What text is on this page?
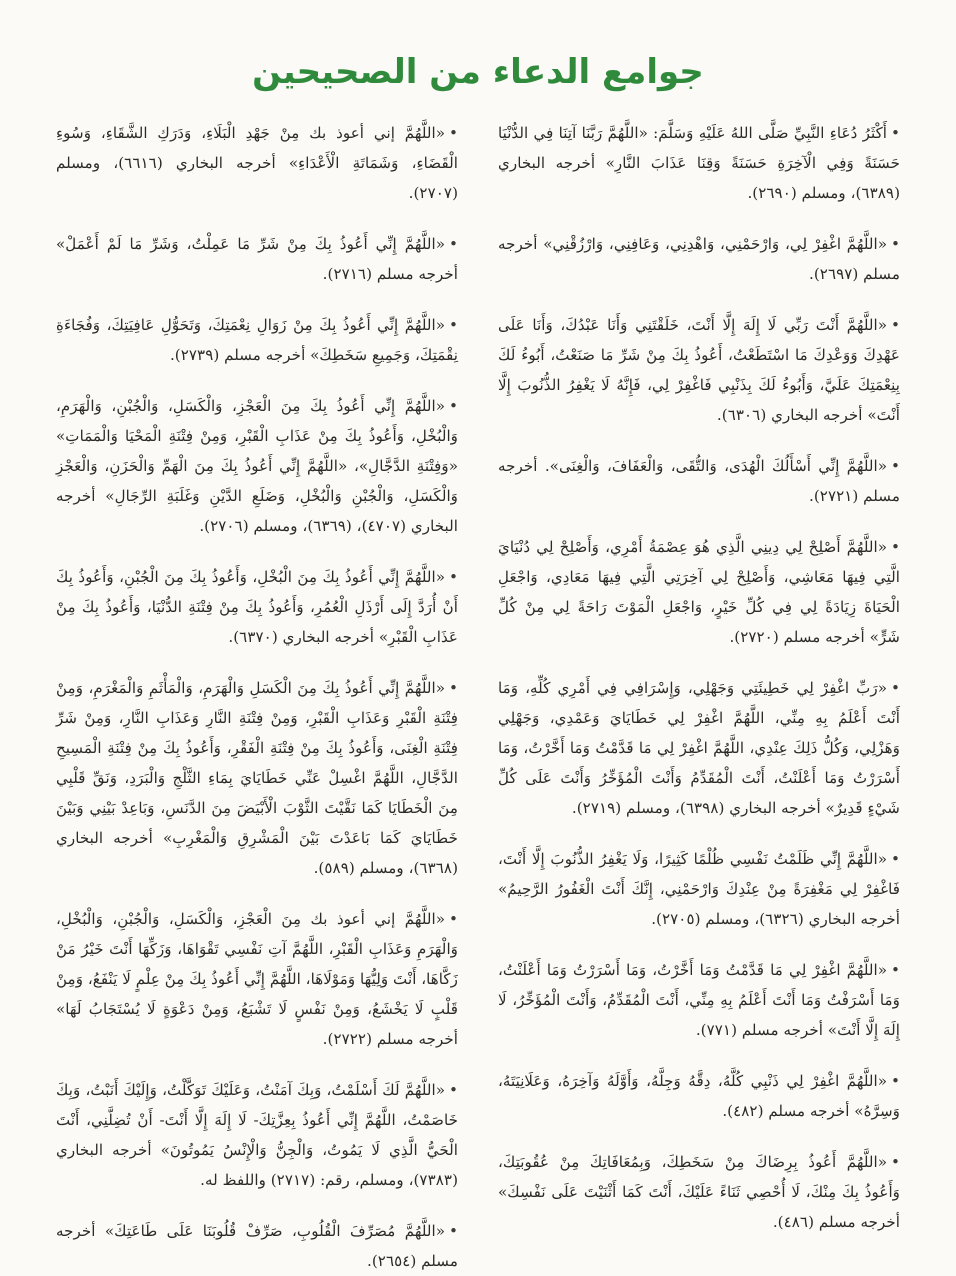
جوامع الدعاء من الصحيحين
•

أَكْثَرُ دُعَاءِ النَّبِيِّ صَلَّى اللهُ عَلَيْهِ وَسَلَّمَ: «اللَّهُمَّ رَبَّنَا آتِنَا فِي الدُّنْيَا حَسَنَةً وَفِي الْآخِرَةِ حَسَنَةً وَقِنَا عَذَابَ النَّارِ» أخرجه البخاري (٦٣٨٩)، ومسلم (٢٦٩٠).

•

«اللَّهُمَّ اغْفِرْ لِي، وَارْحَمْنِي، وَاهْدِنِي، وَعَافِنِي، وَارْزُقْنِي» أخرجه مسلم (٢٦٩٧).

•

«اللَّهُمَّ أَنْتَ رَبِّي لَا إِلَهَ إِلَّا أَنْتَ، خَلَقْتَنِي وَأَنَا عَبْدُكَ، وَأَنَا عَلَى عَهْدِكَ وَوَعْدِكَ مَا اسْتَطَعْتُ، أَعُوذُ بِكَ مِنْ شَرِّ مَا صَنَعْتُ، أَبُوءُ لَكَ بِنِعْمَتِكَ عَلَيَّ، وَأَبُوءُ لَكَ بِذَنْبِي فَاغْفِرْ لِي، فَإِنَّهُ لَا يَغْفِرُ الذُّنُوبَ إِلَّا أَنْتَ» أخرجه البخاري (٦٣٠٦).

•

«اللَّهُمَّ إِنِّي أَسْأَلُكَ الْهُدَى، وَالتُّقَى، وَالْعَفَافَ، وَالْغِنَى». أخرجه مسلم (٢٧٢١).

•

«اللَّهُمَّ أَصْلِحْ لِي دِينِي الَّذِي هُوَ عِصْمَةُ أَمْرِي، وَأَصْلِحْ لِي دُنْيَايَ الَّتِي فِيهَا مَعَاشِي، وَأَصْلِحْ لِي آخِرَتِي الَّتِي فِيهَا مَعَادِي، وَاجْعَلِ الْحَيَاةَ زِيَادَةً لِي فِي كُلِّ خَيْرٍ، وَاجْعَلِ الْمَوْتَ رَاحَةً لِي مِنْ كُلِّ شَرٍّ» أخرجه مسلم (٢٧٢٠).

•

«رَبِّ اغْفِرْ لِي خَطِيئَتِي وَجَهْلِي، وَإِسْرَافِي فِي أَمْرِي كُلِّهِ، وَمَا أَنْتَ أَعْلَمُ بِهِ مِنِّي، اللَّهُمَّ اغْفِرْ لِي خَطَايَايَ وَعَمْدِي، وَجَهْلِي وَهَزْلِي، وَكُلُّ ذَلِكَ عِنْدِي، اللَّهُمَّ اغْفِرْ لِي مَا قَدَّمْتُ وَمَا أَخَّرْتُ، وَمَا أَسْرَرْتُ وَمَا أَعْلَنْتُ، أَنْتَ الْمُقَدِّمُ وَأَنْتَ الْمُؤَخِّرُ وَأَنْتَ عَلَى كُلِّ شَيْءٍ قَدِيرٌ» أخرجه البخاري (٦٣٩٨)، ومسلم (٢٧١٩).

•

«اللَّهُمَّ إِنِّي ظَلَمْتُ نَفْسِي ظُلْمًا كَثِيرًا، وَلَا يَغْفِرُ الذُّنُوبَ إِلَّا أَنْتَ، فَاغْفِرْ لِي مَغْفِرَةً مِنْ عِنْدِكَ وَارْحَمْنِي، إِنَّكَ أَنْتَ الْغَفُورُ الرَّحِيمُ» أخرجه البخاري (٦٣٢٦)، ومسلم (٢٧٠٥).

•

«اللَّهُمَّ اغْفِرْ لِي مَا قَدَّمْتُ وَمَا أَخَّرْتُ، وَمَا أَسْرَرْتُ وَمَا أَعْلَنْتُ، وَمَا أَسْرَفْتُ وَمَا أَنْتَ أَعْلَمُ بِهِ مِنِّي، أَنْتَ الْمُقَدِّمُ، وَأَنْتَ الْمُؤَخِّرُ، لَا إِلَهَ إِلَّا أَنْتَ» أخرجه مسلم (٧٧١).

•

«اللَّهُمَّ اغْفِرْ لِي ذَنْبِي كُلَّهُ، دِقَّهُ وَجِلَّهُ، وَأَوَّلَهُ وَآخِرَهُ، وَعَلَانِيَتَهُ، وَسِرَّهُ» أخرجه مسلم (٤٨٢).

•

«اللَّهُمَّ أَعُوذُ بِرِضَاكَ مِنْ سَخَطِكَ، وَبِمُعَافَاتِكَ مِنْ عُقُوبَتِكَ، وَأَعُوذُ بِكَ مِنْكَ، لَا أُحْصِي ثَنَاءً عَلَيْكَ، أَنْتَ كَمَا أَثْنَيْتَ عَلَى نَفْسِكَ» أخرجه مسلم (٤٨٦).

•

«اللَّهُمَّ إني أعوذ بك مِنْ جَهْدِ الْبَلَاءِ، وَدَرَكِ الشَّقَاءِ، وَسُوءِ الْقَضَاءِ، وَشَمَاتَةِ الْأَعْدَاءِ» أخرجه البخاري (٦٦١٦)، ومسلم (٢٧٠٧).

•

«اللَّهُمَّ إِنِّي أَعُوذُ بِكَ مِنْ شَرِّ مَا عَمِلْتُ، وَشَرِّ مَا لَمْ أَعْمَلْ» أخرجه مسلم (٢٧١٦).

•

«اللَّهُمَّ إِنِّي أَعُوذُ بِكَ مِنْ زَوَالِ نِعْمَتِكَ، وَتَحَوُّلِ عَافِيَتِكَ، وَفُجَاءَةِ نِقْمَتِكَ، وَجَمِيعِ سَخَطِكَ» أخرجه مسلم (٢٧٣٩).

•

«اللَّهُمَّ إِنِّي أَعُوذُ بِكَ مِنَ الْعَجْزِ، وَالْكَسَلِ، وَالْجُبْنِ، وَالْهَرَمِ، وَالْبُخْلِ، وَأَعُوذُ بِكَ مِنْ عَذَابِ الْقَبْرِ، وَمِنْ فِتْنَةِ الْمَحْيَا وَالْمَمَاتِ» «وَفِتْنَةِ الدَّجَّالِ»، «اللَّهُمَّ إِنِّي أَعُوذُ بِكَ مِنَ الْهَمِّ وَالْحَزَنِ، وَالْعَجْزِ وَالْكَسَلِ، وَالْجُبْنِ وَالْبُخْلِ، وَضَلَعِ الدَّيْنِ وَغَلَبَةِ الرِّجَالِ» أخرجه البخاري (٤٧٠٧)، (٦٣٦٩)، ومسلم (٢٧٠٦).

•

«اللَّهُمَّ إِنِّي أَعُوذُ بِكَ مِنَ الْبُخْلِ، وَأَعُوذُ بِكَ مِنَ الْجُبْنِ، وَأَعُوذُ بِكَ أَنْ أُرَدَّ إِلَى أَرْذَلِ الْعُمُرِ، وَأَعُوذُ بِكَ مِنْ فِتْنَةِ الدُّنْيَا، وَأَعُوذُ بِكَ مِنْ عَذَابِ الْقَبْرِ» أخرجه البخاري (٦٣٧٠).

•

«اللَّهُمَّ إِنِّي أَعُوذُ بِكَ مِنَ الْكَسَلِ وَالْهَرَمِ، وَالْمَأْثَمِ وَالْمَغْرَمِ، وَمِنْ فِتْنَةِ الْقَبْرِ وَعَذَابِ الْقَبْرِ، وَمِنْ فِتْنَةِ النَّارِ وَعَذَابِ النَّارِ، وَمِنْ شَرِّ فِتْنَةِ الْغِنَى، وَأَعُوذُ بِكَ مِنْ فِتْنَةِ الْفَقْرِ، وَأَعُوذُ بِكَ مِنْ فِتْنَةِ الْمَسِيحِ الدَّجَّالِ، اللَّهُمَّ اغْسِلْ عَنِّي خَطَايَايَ بِمَاءِ الثَّلْجِ وَالْبَرَدِ، وَنَقِّ قَلْبِي مِنَ الْخَطَايَا كَمَا نَقَّيْتَ الثَّوْبَ الْأَبْيَضَ مِنَ الدَّنَسِ، وَبَاعِدْ بَيْنِي وَبَيْنَ خَطَايَايَ كَمَا بَاعَدْتَ بَيْنَ الْمَشْرِقِ وَالْمَغْرِبِ» أخرجه البخاري (٦٣٦٨)، ومسلم (٥٨٩).

•

«اللَّهُمَّ إني أعوذ بك مِنَ الْعَجْزِ، وَالْكَسَلِ، وَالْجُبْنِ، وَالْبُخْلِ، وَالْهَرَمِ وَعَذَابِ الْقَبْرِ، اللَّهُمَّ آتِ نَفْسِي تَقْوَاهَا، وَزَكِّهَا أَنْتَ خَيْرُ مَنْ زَكَّاهَا، أَنْتَ وَلِيُّهَا وَمَوْلَاهَا، اللَّهُمَّ إِنِّي أَعُوذُ بِكَ مِنْ عِلْمٍ لَا يَنْفَعُ، وَمِنْ قَلْبٍ لَا يَخْشَعُ، وَمِنْ نَفْسٍ لَا تَشْبَعُ، وَمِنْ دَعْوَةٍ لَا يُسْتَجَابُ لَهَا» أخرجه مسلم (٢٧٢٢).

•

«اللَّهُمَّ لَكَ أَسْلَمْتُ، وَبِكَ آمَنْتُ، وَعَلَيْكَ تَوَكَّلْتُ، وَإِلَيْكَ أَنَبْتُ، وَبِكَ خَاصَمْتُ، اللَّهُمَّ إِنِّي أَعُوذُ بِعِزَّتِكَ- لَا إِلَهَ إِلَّا أَنْتَ- أَنْ تُضِلَّنِي، أَنْتَ الْحَيُّ الَّذِي لَا يَمُوتُ، وَالْجِنُّ وَالْإِنْسُ يَمُوتُونَ» أخرجه البخاري (٧٣٨٣)، ومسلم، رقم: (٢٧١٧) واللفظ له.

•

«اللَّهُمَّ مُصَرِّفَ الْقُلُوبِ، صَرِّفْ قُلُوبَنَا عَلَى طَاعَتِكَ» أخرجه مسلم (٢٦٥٤).
